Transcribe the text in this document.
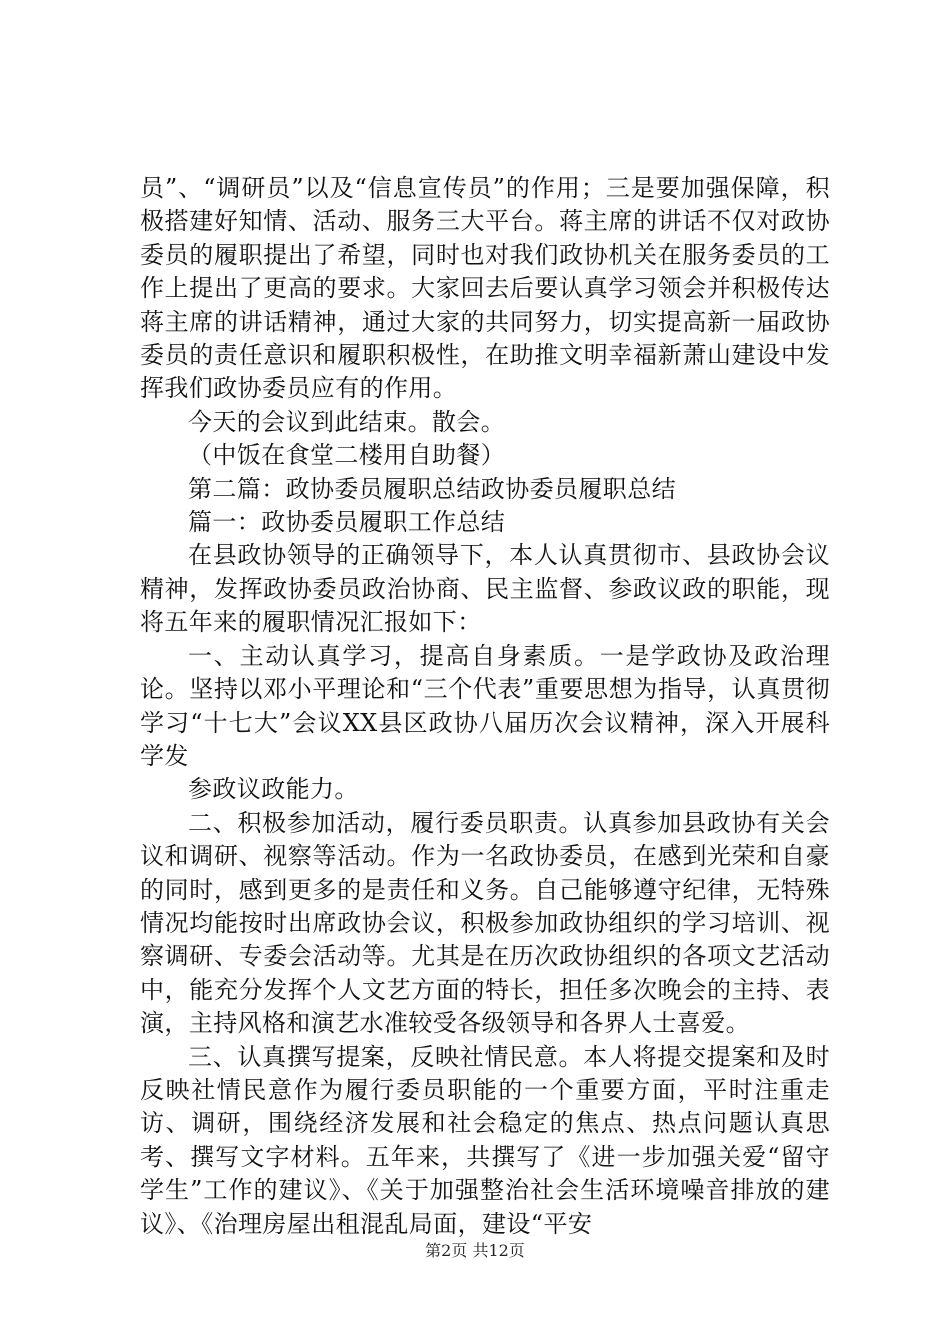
员”、“调研员”以及“信息宣传员”的作用；三是要加强保障，积极搭建好知情、活动、服务三大平台。蒋主席的讲话不仅对政协委员的履职提出了希望，同时也对我们政协机关在服务委员的工作上提出了更高的要求。大家回去后要认真学习领会并积极传达蒋主席的讲话精神，通过大家的共同努力，切实提高新一届政协委员的责任意识和履职积极性，在助推文明幸福新萧山建设中发挥我们政协委员应有的作用。

今天的会议到此结束。散会。

（中饭在食堂二楼用自助餐）

第二篇：政协委员履职总结政协委员履职总结

篇一：政协委员履职工作总结

在县政协领导的正确领导下，本人认真贯彻市、县政协会议精神，发挥政协委员政治协商、民主监督、参政议政的职能，现将五年来的履职情况汇报如下：

一、主动认真学习，提高自身素质。一是学政协及政治理论。坚持以邓小平理论和“三个代表”重要思想为指导，认真贯彻学习“十七大”会议XX县区政协八届历次会议精神，深入开展科学发

参政议政能力。

二、积极参加活动，履行委员职责。认真参加县政协有关会议和调研、视察等活动。作为一名政协委员，在感到光荣和自豪的同时，感到更多的是责任和义务。自己能够遵守纪律，无特殊情况均能按时出席政协会议，积极参加政协组织的学习培训、视察调研、专委会活动等。尤其是在历次政协组织的各项文艺活动中，能充分发挥个人文艺方面的特长，担任多次晚会的主持、表演，主持风格和演艺水准较受各级领导和各界人士喜爱。

三、认真撰写提案，反映社情民意。本人将提交提案和及时反映社情民意作为履行委员职能的一个重要方面，平时注重走访、调研，围绕经济发展和社会稳定的焦点、热点问题认真思考、撰写文字材料。五年来，共撰写了《进一步加强关爱“留守学生”工作的建议》、《关于加强整治社会生活环境噪音排放的建议》、《治理房屋出租混乱局面，建设“平安

第2页 共12页
